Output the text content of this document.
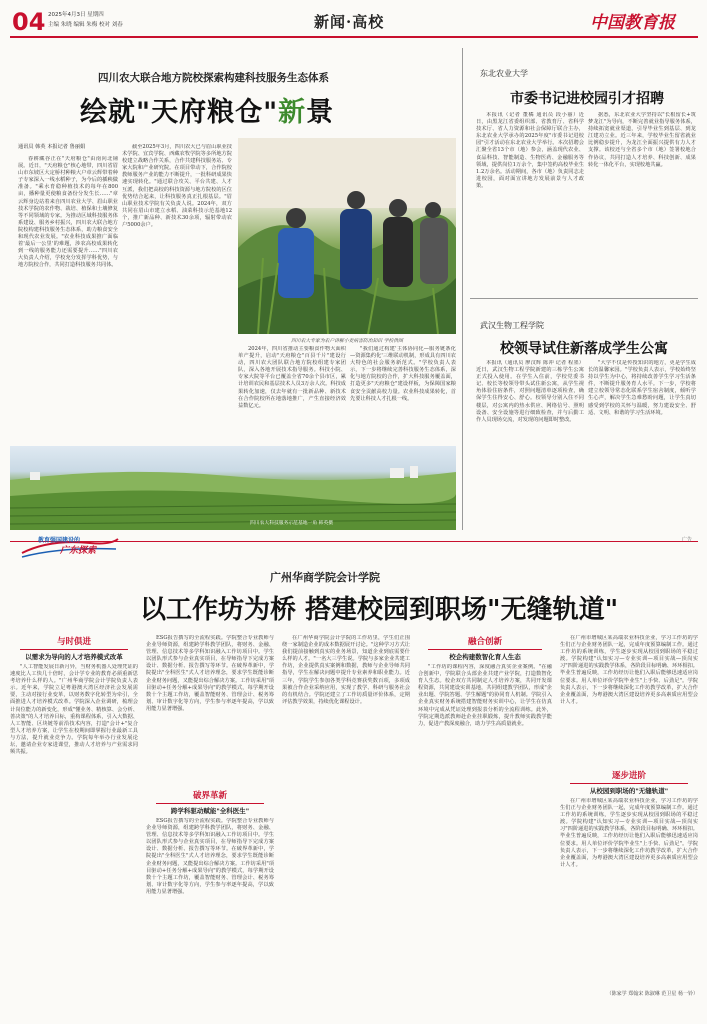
04 2025年4月3日 星期四
主编 朱晓 编辑 朱梅 校对 刘春	新闻·高校	中国教育报
四川农大联合地方院校探索构建科技服务生态体系
绘就"天府粮仓"新景
通讯员 韩英 本报记者 鲁丽娟

春耕藏谷正在"天府粮仓"由南向北铺展。近日，"天府粮仓"核心地带，四川省眉山市东坡区大定桥村种粮大户章云辉带着种子专家深入一线水稻种子，为今后的插秧做准备。"乘水育稳种植技术的每年在800亩，播种量更使粮食备份分发生长……"章云辉身边站着来自四川农业大学、眉山职业技术学院的农作物、栽培、植保和土壤修复等不同领域的专家。为推动区域科技服务体系建设、服务乡村振兴，四川农大联合地方院校构建科技服务生态体系，助力粮食安全和现代农业发展。"农业科技成果推广面临着'最后一公里'的难题，涉农高校成果转化到一线的服务能力还需要提升……"四川农大负责人介绍，学校充分发挥学科优势，与地方院校合作，共同打造科技服务共同体。

截至2025年3月，四川农大已与眉山职业技术学院、宜宾学院、西藏农牧学院等多所地方院校建立战略合作关系，合作共建科技服务站、专家大院和产业研究院。在项目带动下，合作院校教师服务产业的能力不断提升，一批科研成果快速实现转化。"通过联合攻关、平台共建、人才互派，我们把高校的科技资源与地方院校的区位优势结合起来，让科技服务真正扎根基层。"眉山职业技术学院有关负责人说。2024年，双方共同在眉山市建立水稻、油菜科技示范基地12个，推广新品种、新技术30余项，辐射带动农户5000余户。

四川农大专家为农户讲解小麦病害防治知识 学校供图

2024年，四川省推动主要粮食作物大面积单产提升，启动"天府粮仓"百县千片"建设行动，四川农大团队联合地方院校组建专家团队，深入各地开展技术指导服务。科技小院、专家大院等平台已覆盖全省70余个县市区，累计培训农民和基层技术人员3万余人次。科技成果转化加速，仅去年就有一批新品种、新技术在合作院校所在地落地推广，产生直接经济效益数亿元。

"我们通过构建'主体协同化—服务链条化—资源集约化'三维联动机制，形成具有四川农大特色的社会服务新范式。"学校负责人表示，下一步将继续完善科技服务生态体系，深化与地方院校的合作，扩大科技服务覆盖面，打造更多"天府粮仓"建设样板，为保障国家粮食安全贡献高校力量。农业科技成果转化，首先要让科技人才扎根一线。

四川农大科技服务示范基地一角 韩英摄
东北农业大学
市委书记进校园引才招聘

本报讯（记者 董橘 通讯员 段小丽）近日，由黑龙江省委组织部、省教育厅、省科学技术厅、省人力资源和社会保障厅联合主办，东北农业大学承办的2025年度"市委书记进校园"引才活动在东北农业大学举行。本次招聘会汇聚全省13个市（地）参会，涵盖现代农业、食品科技、智能制造、生物医药、金融服务等领域，提供岗位1万余个，集中签约高校毕业生1.2万余名。活动期间，各市（地）负责同志走进校园，面对面宣讲地方发展前景与人才政策。

据悉，东北农业大学坚持以"长根留长+筑梦龙江"为导向，不断完善就业指导服务体系，持续拓宽就业渠道，引导毕业生到基层、到龙江建功立业。近三年来，学校毕业生留省就业比例稳步提升，为龙江全面振兴提供有力人才支撑。该校还与全省多个市（地）签署校地合作协议，共同打造人才培养、科技创新、成果转化一体化平台，实现校地共赢。

武汉生物工程学院
校领导试住新落成学生公寓

本报讯（通讯员 廖汉辉 陈冲 记者 程墨）近日，武汉生物工程学院新建的三栋学生公寓正式投入使用。在学生入住前，学校党委书记、校长等校领导带头试住新公寓，从学生视角体验住宿条件，对照问题清单逐项检查，确保学生住得安心、舒心。校领导分别入住不同楼层，对公寓内的热水供应、网络信号、照明设备、安全设施等进行细致检查，并与后勤工作人员现场交流，对发现的问题即时整改。

"大学不仅是传授知识的地方，更是学生成长的温馨家园。"学校负责人表示，学校始终坚持以学生为中心，将持续改善学生学习生活条件，不断提升服务育人水平。下一步，学校将建立校领导常态化联系学生宿舍制度，倾听学生心声，解决学生急难愁盼问题，让学生真切感受到学校的关怀与温暖，努力建设安全、舒适、文明、和谐的学习生活环境。

教育强国建设的
广东探索
广告
广州华商学院会计学院
以工作坊为桥 搭建校园到职场"无缝轨道"
与时俱进
以需求为导向的人才培养模式改革

"人工智能发展日新月异，当财务机器人处理凭证的速度比人工快几十倍时，会计学专业的教育必须重新思考培养什么样的人。"广州华商学院会计学院负责人表示。近年来，学院立足粤港澳大湾区经济社会发展需要，主动对接行业变革，以财务数字化转型为牵引，全面推进人才培养模式改革。学院深入企业调研，梳理会计岗位能力的新变化，形成"懂业务、精核算、会分析、善决策"的人才培养目标，重构课程体系，引入大数据、人工智能、区块链等前沿技术内容，打造"会计+"复合型人才培养方案，让学生在校期间即掌握行业最新工具与方法，提升就业竞争力。学院每年举办行业发展论坛，邀请企业专家进课堂，推动人才培养与产业需求同频共振。

ESG报告撰写的全流程实践。学院整合专业教师与企业导师资源，组建跨学科教学团队，将财务、金融、管理、信息技术等多学科知识融入工作坊项目中。学生以团队形式参与企业真实项目，在导师指导下完成方案设计、数据分析、报告撰写等环节。在破界革新中，学院提出"全科医生"式人才培养理念，要求学生既能诊断企业财务问题，又能提出综合解决方案。工作坊采用"项目驱动+任务分解+成果导向"的教学模式，每学期开设数十个主题工作坊，覆盖智能财务、管理会计、税务筹划、审计数字化等方向，学生参与率逐年提高，学以致用能力显著增强。

破界革新
跨学科驱动赋能"全科医生"

ESG报告撰写的全流程实践。学院整合专业教师与企业导师资源，组建跨学科教学团队，将财务、金融、管理、信息技术等多学科知识融入工作坊项目中。学生以团队形式参与企业真实项目，在导师指导下完成方案设计、数据分析、报告撰写等环节。在破界革新中，学院提出"全科医生"式人才培养理念，要求学生既能诊断企业财务问题，又能提出综合解决方案。工作坊采用"项目驱动+任务分解+成果导向"的教学模式，每学期开设数十个主题工作坊，覆盖智能财务、管理会计、税务筹划、审计数字化等方向，学生参与率逐年提高，学以致用能力显著增强。

在广州华商学院会计学院的工作坊里，学生们正围绕一家制造企业的成本数据展开讨论。"这种学习方式让我们提前接触到真实的业务场景，知道企业到底需要什么样的人才。"一名大三学生说。学院与多家企业共建工作坊，企业提供真实案例和数据，教师与企业导师共同指导，学生在解决问题中提升专业素养和职业能力。近三年，学院学生参加各类学科竞赛获奖数百项，多项成果被合作企业采纳应用，实现了教学、科研与服务社会的有机结合。学院还建立了工作坊质量评价体系，定期评估教学效果，持续优化课程设计。

融合创新
校企构建数智化育人生态

"工作坊的课程内容，深度融合真实企业案例。"在融合创新中，学院联合头部企业共建产业学院，打造数智化育人生态。校企双方共同制定人才培养方案，共同开发课程资源，共同建设实训基地，共同组建教学团队，形成"企业出题、学院答题、学生解题"的协同育人机制。学院引入企业真实财务系统搭建智能财务实训中心，让学生在仿真环境中完成从凭证处理到报表分析的全流程训练。此外，学院定期选派教师赴企业挂职锻炼，提升教师实践教学能力，促进产教深度融合，助力学生高质量就业。

在广州市增城区某高端农业科技企业，学习工作坊的学生们正与企业财务团队一起，完成年度预算编制工作。通过工作坊的系统训练，学生逐步实现从校园到职场的平稳过渡。学院构建"认知实习—专业实训—项目实战—顶岗实习"四阶递进的实践教学体系，各阶段目标明确、环环相扣。毕业生普遍反映，工作坊经历让他们入职后能够迅速适应岗位要求。用人单位评价学院毕业生"上手快、后劲足"。学院负责人表示，下一步将继续深化工作坊教学改革，扩大合作企业覆盖面，为粤港澳大湾区建设培养更多高素质应用型会计人才。

逐步进阶
从校园到职场的"无缝轨道"

在广州市增城区某高端农业科技企业，学习工作坊的学生们正与企业财务团队一起，完成年度预算编制工作。通过工作坊的系统训练，学生逐步实现从校园到职场的平稳过渡。学院构建"认知实习—专业实训—项目实战—顶岗实习"四阶递进的实践教学体系，各阶段目标明确、环环相扣。毕业生普遍反映，工作坊经历让他们入职后能够迅速适应岗位要求。用人单位评价学院毕业生"上手快、后劲足"。学院负责人表示，下一步将继续深化工作坊教学改革，扩大合作企业覆盖面，为粤港澳大湾区建设培养更多高素质应用型会计人才。

（陈家学 郑翰宋 陈淑琳 范卫星 杨一铃）
